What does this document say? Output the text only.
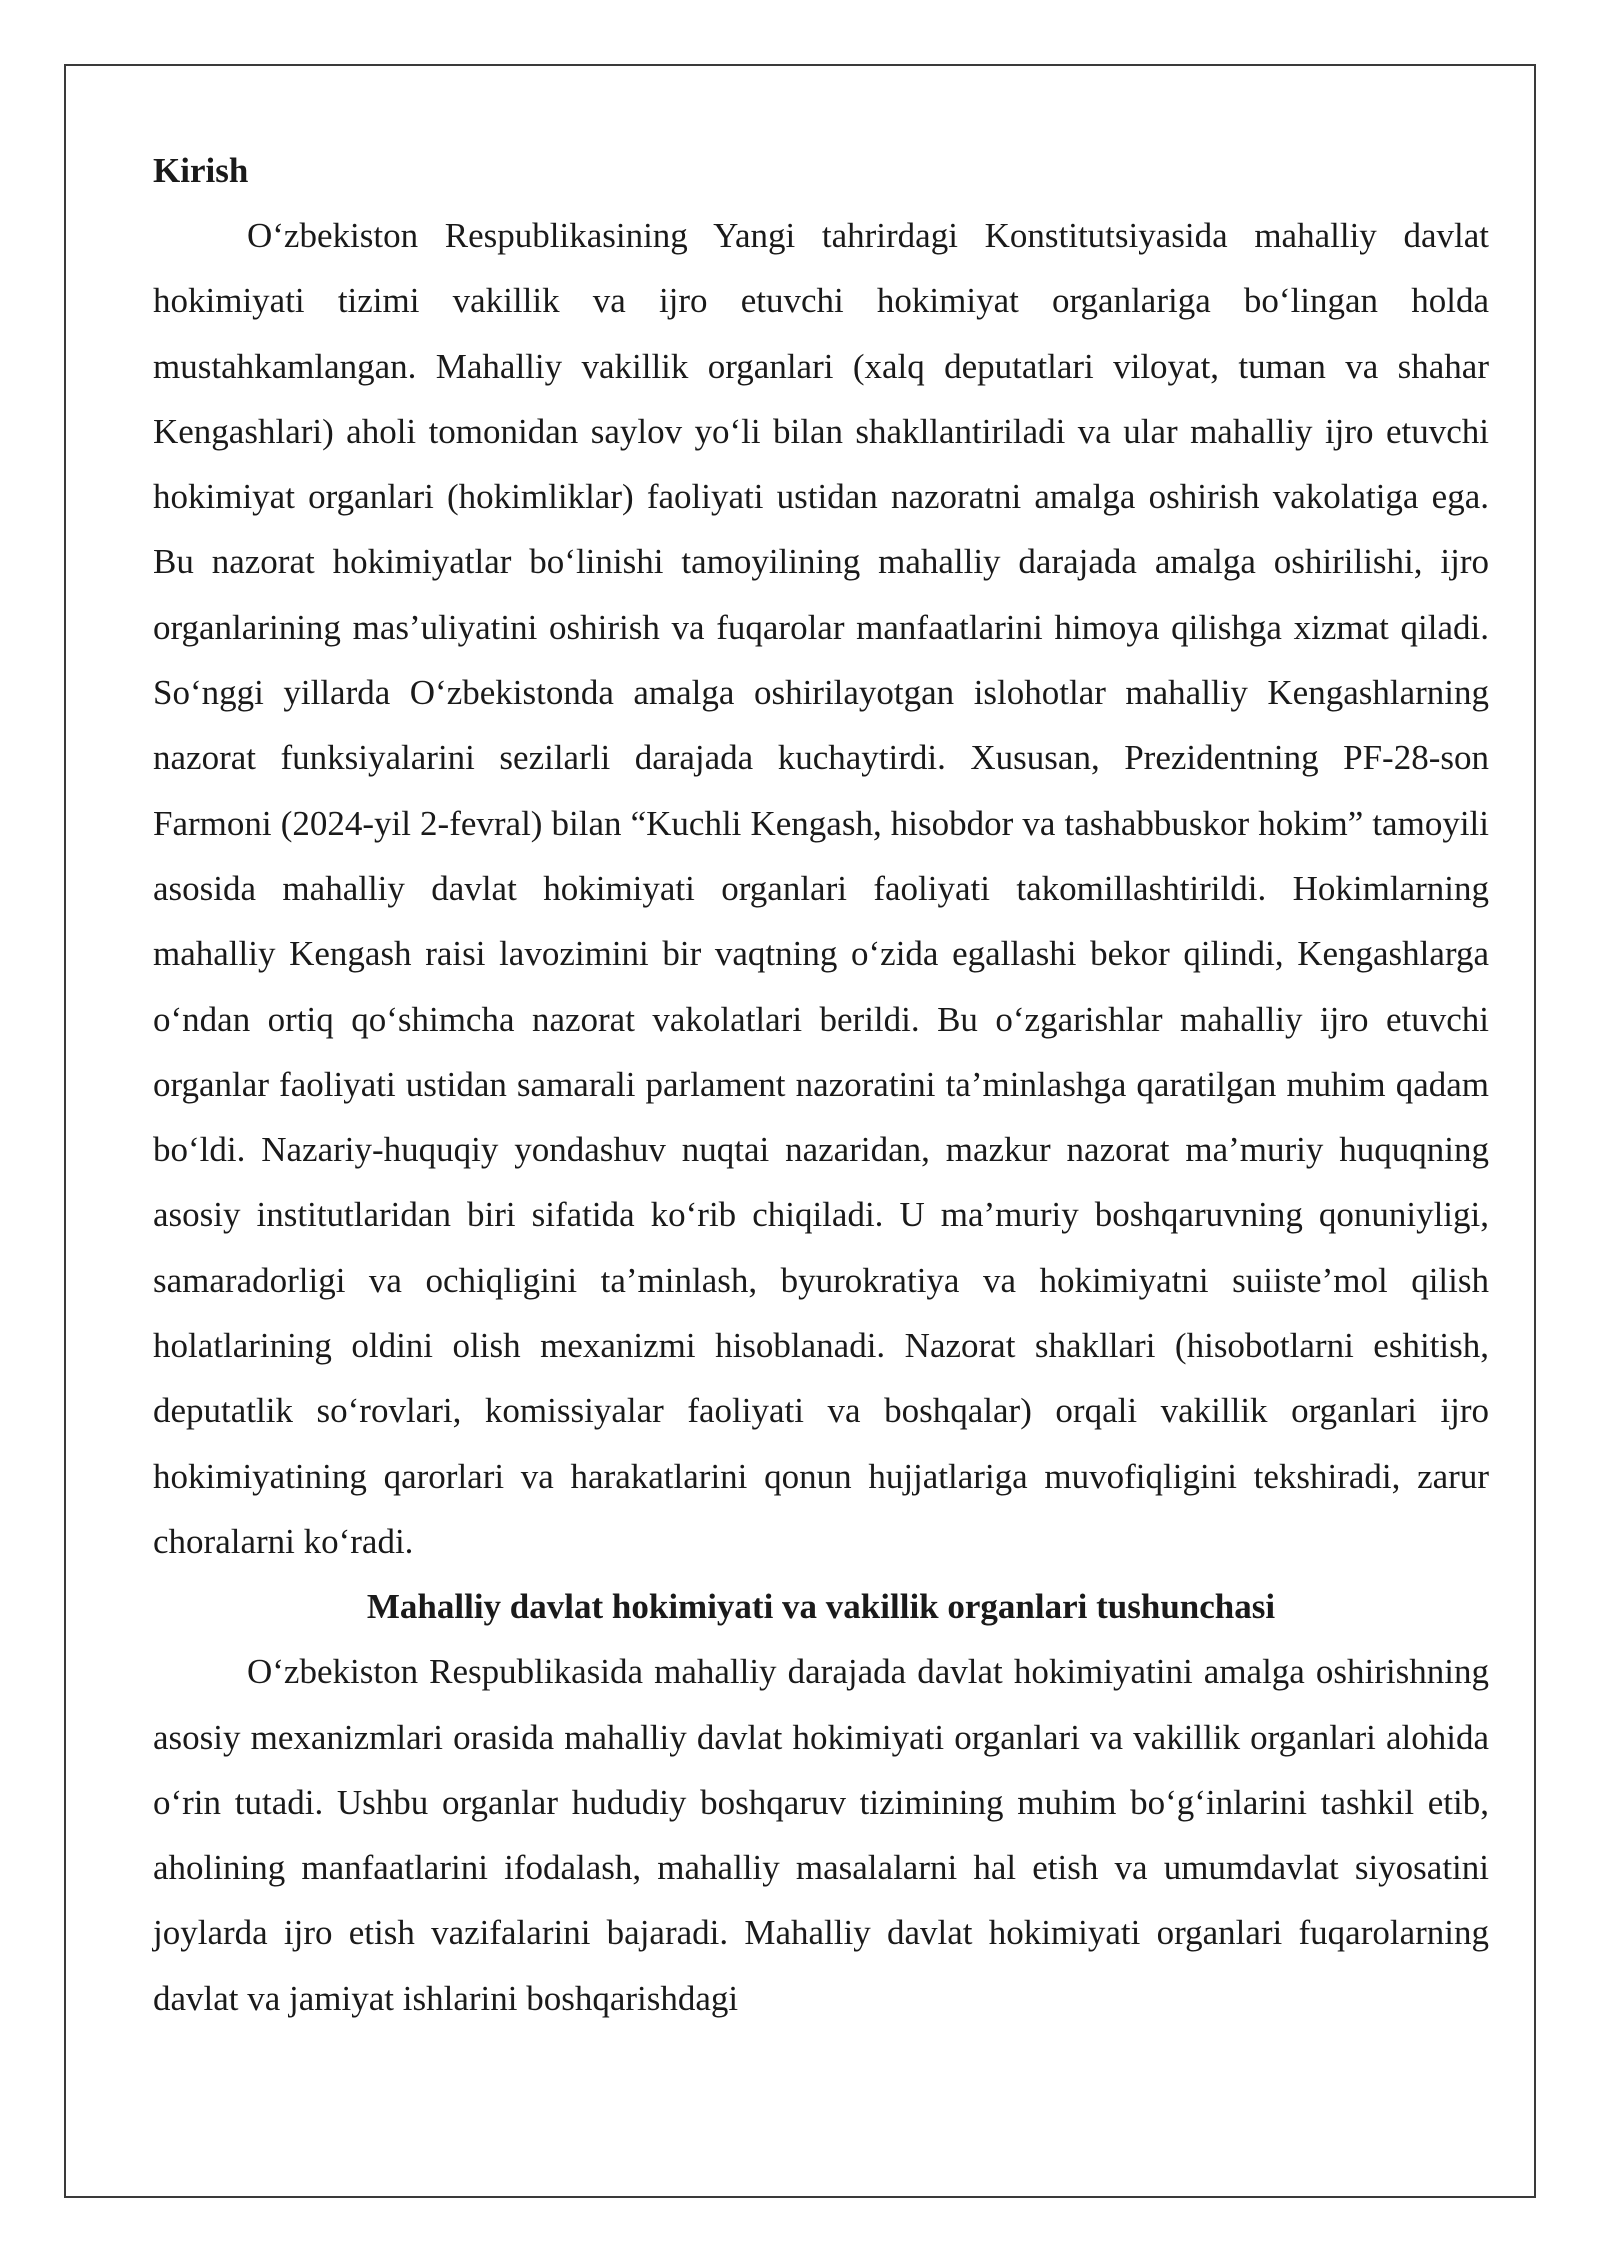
Kirish

O‘zbekiston Respublikasining Yangi tahrirdagi Konstitutsiyasida mahalliy davlat hokimiyati tizimi vakillik va ijro etuvchi hokimiyat organlariga bo‘lingan holda mustahkamlangan. Mahalliy vakillik organlari (xalq deputatlari viloyat, tuman va shahar Kengashlari) aholi tomonidan saylov yo‘li bilan shakllantiriladi va ular mahalliy ijro etuvchi hokimiyat organlari (hokimliklar) faoliyati ustidan nazoratni amalga oshirish vakolatiga ega. Bu nazorat hokimiyatlar bo‘linishi tamoyilining mahalliy darajada amalga oshirilishi, ijro organlarining mas’uliyatini oshirish va fuqarolar manfaatlarini himoya qilishga xizmat qiladi. So‘nggi yillarda O‘zbekistonda amalga oshirilayotgan islohotlar mahalliy Kengashlarning nazorat funksiyalarini sezilarli darajada kuchaytirdi. Xususan, Prezidentning PF-28-son Farmoni (2024-yil 2-fevral) bilan “Kuchli Kengash, hisobdor va tashabbuskor hokim” tamoyili asosida mahalliy davlat hokimiyati organlari faoliyati takomillashtirildi. Hokimlarning mahalliy Kengash raisi lavozimini bir vaqtning o‘zida egallashi bekor qilindi, Kengashlarga o‘ndan ortiq qo‘shimcha nazorat vakolatlari berildi. Bu o‘zgarishlar mahalliy ijro etuvchi organlar faoliyati ustidan samarali parlament nazoratini ta’minlashga qaratilgan muhim qadam bo‘ldi. Nazariy-huquqiy yondashuv nuqtai nazaridan, mazkur nazorat ma’muriy huquqning asosiy institutlaridan biri sifatida ko‘rib chiqiladi. U ma’muriy boshqaruvning qonuniyligi, samaradorligi va ochiqligini ta’minlash, byurokratiya va hokimiyatni suiiste’mol qilish holatlarining oldini olish mexanizmi hisoblanadi. Nazorat shakllari (hisobotlarni eshitish, deputatlik so‘rovlari, komissiyalar faoliyati va boshqalar) orqali vakillik organlari ijro hokimiyatining qarorlari va harakatlarini qonun hujjatlariga muvofiqligini tekshiradi, zarur choralarni ko‘radi.

Mahalliy davlat hokimiyati va vakillik organlari tushunchasi

O‘zbekiston Respublikasida mahalliy darajada davlat hokimiyatini amalga oshirishning asosiy mexanizmlari orasida mahalliy davlat hokimiyati organlari va vakillik organlari alohida o‘rin tutadi. Ushbu organlar hududiy boshqaruv tizimining muhim bo‘g‘inlarini tashkil etib, aholining manfaatlarini ifodalash, mahalliy masalalarni hal etish va umumdavlat siyosatini joylarda ijro etish vazifalarini bajaradi. Mahalliy davlat hokimiyati organlari fuqarolarning davlat va jamiyat ishlarini boshqarishdagi
